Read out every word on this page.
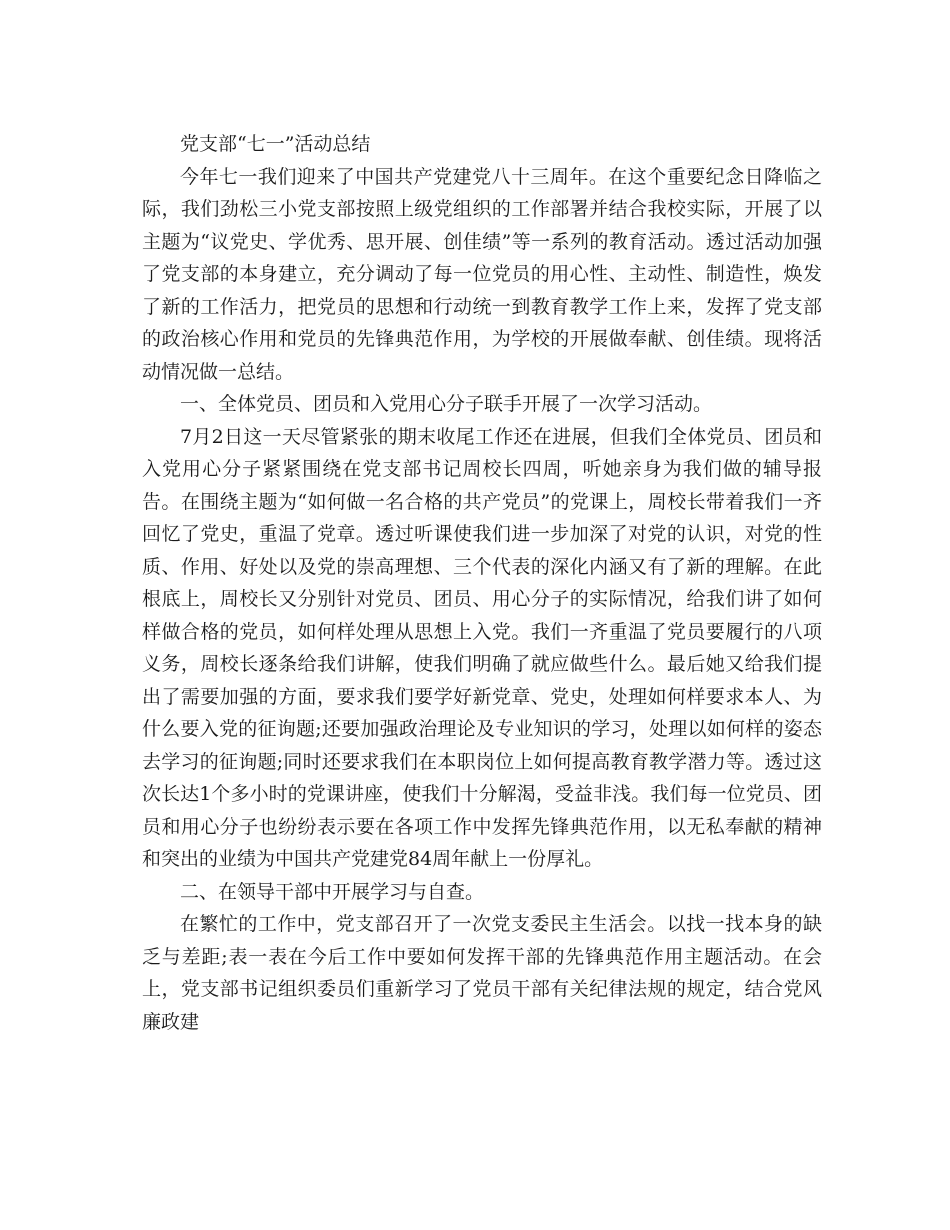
党支部“七一”活动总结

今年七一我们迎来了中国共产党建党八十三周年。在这个重要纪念日降临之际，我们劲松三小党支部按照上级党组织的工作部署并结合我校实际，开展了以主题为“议党史、学优秀、思开展、创佳绩”等一系列的教育活动。透过活动加强了党支部的本身建立，充分调动了每一位党员的用心性、主动性、制造性，焕发了新的工作活力，把党员的思想和行动统一到教育教学工作上来，发挥了党支部的政治核心作用和党员的先锋典范作用，为学校的开展做奉献、创佳绩。现将活动情况做一总结。

一、全体党员、团员和入党用心分子联手开展了一次学习活动。

7月2日这一天尽管紧张的期末收尾工作还在进展，但我们全体党员、团员和入党用心分子紧紧围绕在党支部书记周校长四周，听她亲身为我们做的辅导报告。在围绕主题为“如何做一名合格的共产党员”的党课上，周校长带着我们一齐回忆了党史，重温了党章。透过听课使我们进一步加深了对党的认识，对党的性质、作用、好处以及党的崇高理想、三个代表的深化内涵又有了新的理解。在此根底上，周校长又分别针对党员、团员、用心分子的实际情况，给我们讲了如何样做合格的党员，如何样处理从思想上入党。我们一齐重温了党员要履行的八项义务，周校长逐条给我们讲解，使我们明确了就应做些什么。最后她又给我们提出了需要加强的方面，要求我们要学好新党章、党史，处理如何样要求本人、为什么要入党的征询题;还要加强政治理论及专业知识的学习，处理以如何样的姿态去学习的征询题;同时还要求我们在本职岗位上如何提高教育教学潜力等。透过这次长达1个多小时的党课讲座，使我们十分解渴，受益非浅。我们每一位党员、团员和用心分子也纷纷表示要在各项工作中发挥先锋典范作用，以无私奉献的精神和突出的业绩为中国共产党建党84周年献上一份厚礼。

二、在领导干部中开展学习与自查。

在繁忙的工作中，党支部召开了一次党支委民主生活会。以找一找本身的缺乏与差距;表一表在今后工作中要如何发挥干部的先锋典范作用主题活动。在会上，党支部书记组织委员们重新学习了党员干部有关纪律法规的规定，结合党风廉政建
